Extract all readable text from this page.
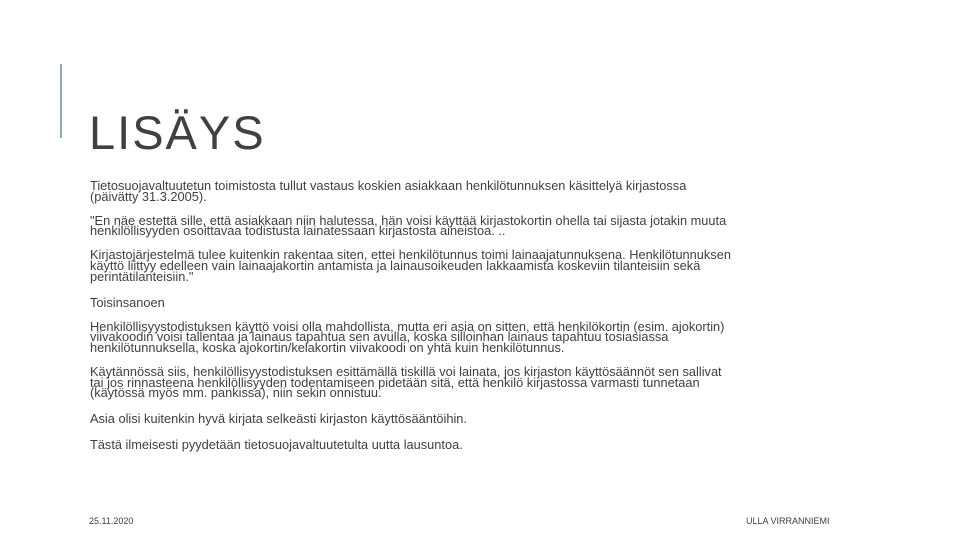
LISÄYS

Tietosuojavaltuutetun toimistosta tullut vastaus koskien asiakkaan henkilötunnuksen käsittelyä kirjastossa
(päivätty 31.3.2005).

"En näe estettä sille, että asiakkaan niin halutessa, hän voisi käyttää kirjastokortin ohella tai sijasta jotakin muuta
henkilöllisyyden osoittavaa todistusta lainatessaan kirjastosta aineistoa. ..

Kirjastojärjestelmä tulee kuitenkin rakentaa siten, ettei henkilötunnus toimi lainaajatunnuksena. Henkilötunnuksen
käyttö liittyy edelleen vain lainaajakortin antamista ja lainausoikeuden lakkaamista koskeviin tilanteisiin sekä
perintätilanteisiin."

Toisinsanoen

Henkilöllisyystodistuksen käyttö voisi olla mahdollista, mutta eri asia on sitten, että henkilökortin (esim. ajokortin)
viivakoodin voisi tallentaa ja lainaus tapahtua sen avulla, koska silloinhan lainaus tapahtuu tosiasiassa
henkilötunnuksella, koska ajokortin/kelakortin viivakoodi on yhtä kuin henkilötunnus.

Käytännössä siis, henkilöllisyystodistuksen esittämällä tiskillä voi lainata, jos kirjaston käyttösäännöt sen sallivat
tai jos rinnasteena henkilöllisyyden todentamiseen pidetään sitä, että henkilö kirjastossa varmasti tunnetaan
(käytössä myös mm. pankissa), niin sekin onnistuu.

Asia olisi kuitenkin hyvä kirjata selkeästi kirjaston käyttösääntöihin.

Tästä ilmeisesti pyydetään tietosuojavaltuutetulta uutta lausuntoa.

25.11.2020	ULLA VIRRANNIEMI
